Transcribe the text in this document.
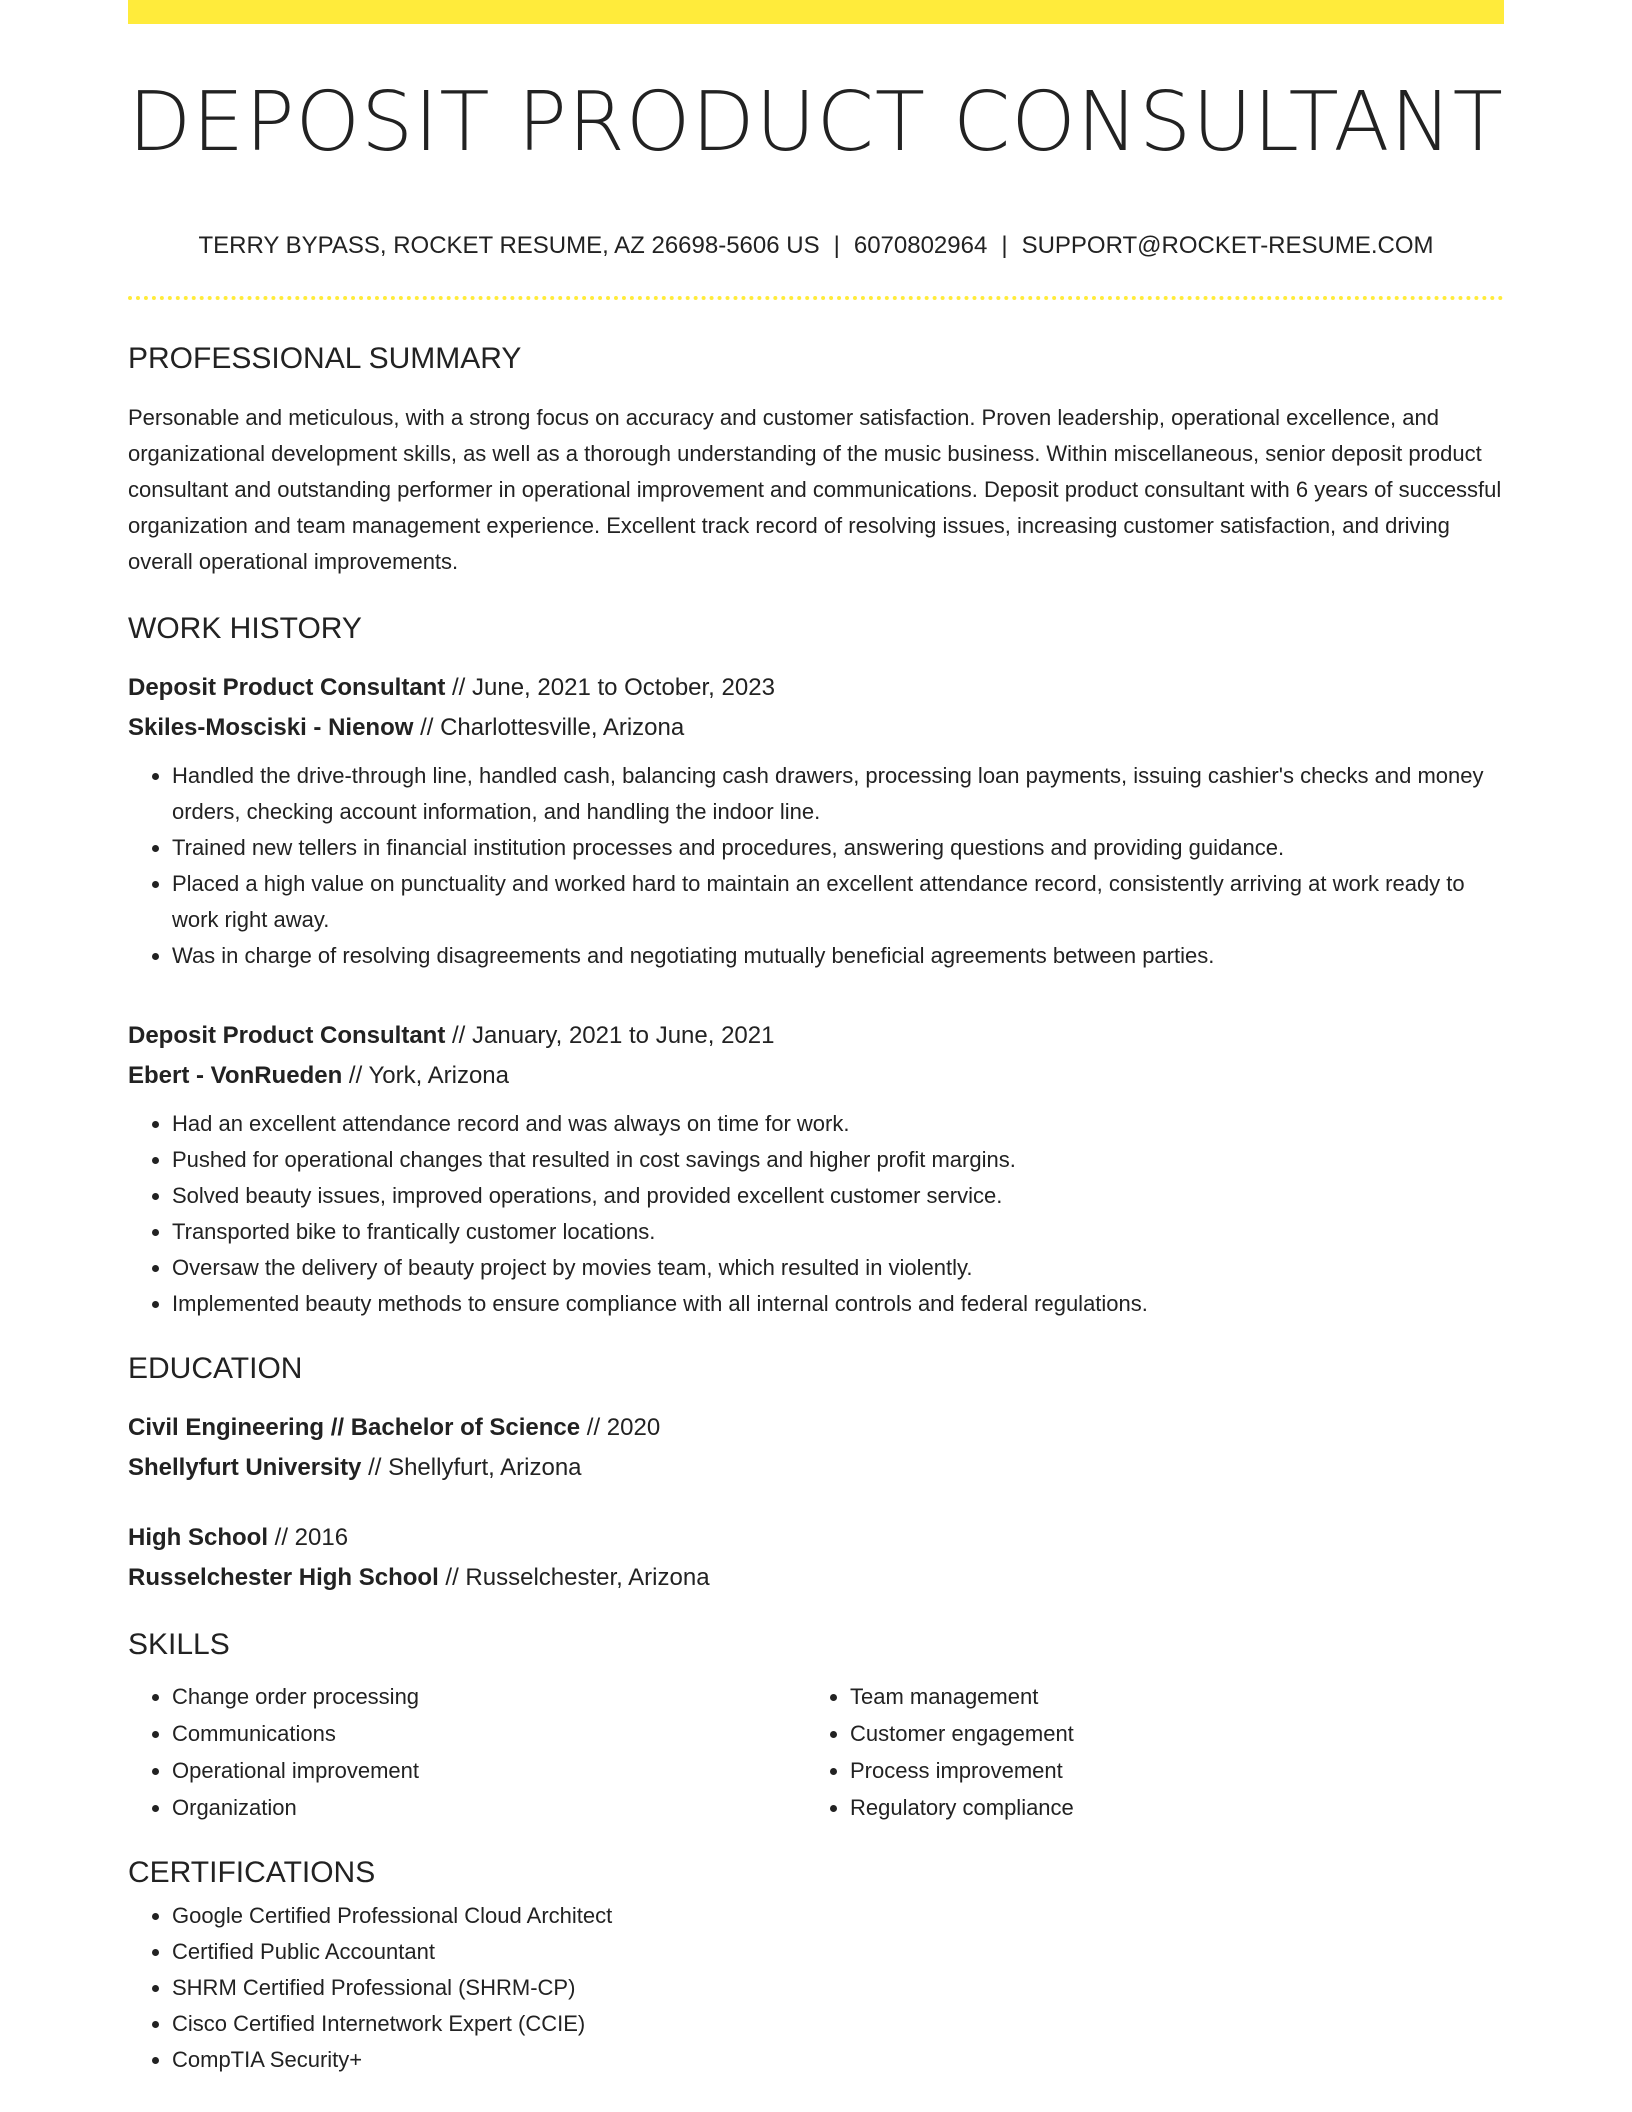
DEPOSIT PRODUCT CONSULTANT
TERRY BYPASS, ROCKET RESUME, AZ 26698-5606 US | 6070802964 | SUPPORT@ROCKET-RESUME.COM
PROFESSIONAL SUMMARY
Personable and meticulous, with a strong focus on accuracy and customer satisfaction. Proven leadership, operational excellence, and organizational development skills, as well as a thorough understanding of the music business. Within miscellaneous, senior deposit product consultant and outstanding performer in operational improvement and communications. Deposit product consultant with 6 years of successful organization and team management experience. Excellent track record of resolving issues, increasing customer satisfaction, and driving overall operational improvements.
WORK HISTORY
Deposit Product Consultant // June, 2021 to October, 2023
Skiles-Mosciski - Nienow // Charlottesville, Arizona
• Handled the drive-through line, handled cash, balancing cash drawers, processing loan payments, issuing cashier's checks and money orders, checking account information, and handling the indoor line.
• Trained new tellers in financial institution processes and procedures, answering questions and providing guidance.
• Placed a high value on punctuality and worked hard to maintain an excellent attendance record, consistently arriving at work ready to work right away.
• Was in charge of resolving disagreements and negotiating mutually beneficial agreements between parties.
Deposit Product Consultant // January, 2021 to June, 2021
Ebert - VonRueden // York, Arizona
• Had an excellent attendance record and was always on time for work.
• Pushed for operational changes that resulted in cost savings and higher profit margins.
• Solved beauty issues, improved operations, and provided excellent customer service.
• Transported bike to frantically customer locations.
• Oversaw the delivery of beauty project by movies team, which resulted in violently.
• Implemented beauty methods to ensure compliance with all internal controls and federal regulations.
EDUCATION
Civil Engineering // Bachelor of Science // 2020
Shellyfurt University // Shellyfurt, Arizona
High School // 2016
Russelchester High School // Russelchester, Arizona
SKILLS
• Change order processing
• Communications
• Operational improvement
• Organization
• Team management
• Customer engagement
• Process improvement
• Regulatory compliance
CERTIFICATIONS
• Google Certified Professional Cloud Architect
• Certified Public Accountant
• SHRM Certified Professional (SHRM-CP)
• Cisco Certified Internetwork Expert (CCIE)
• CompTIA Security+
